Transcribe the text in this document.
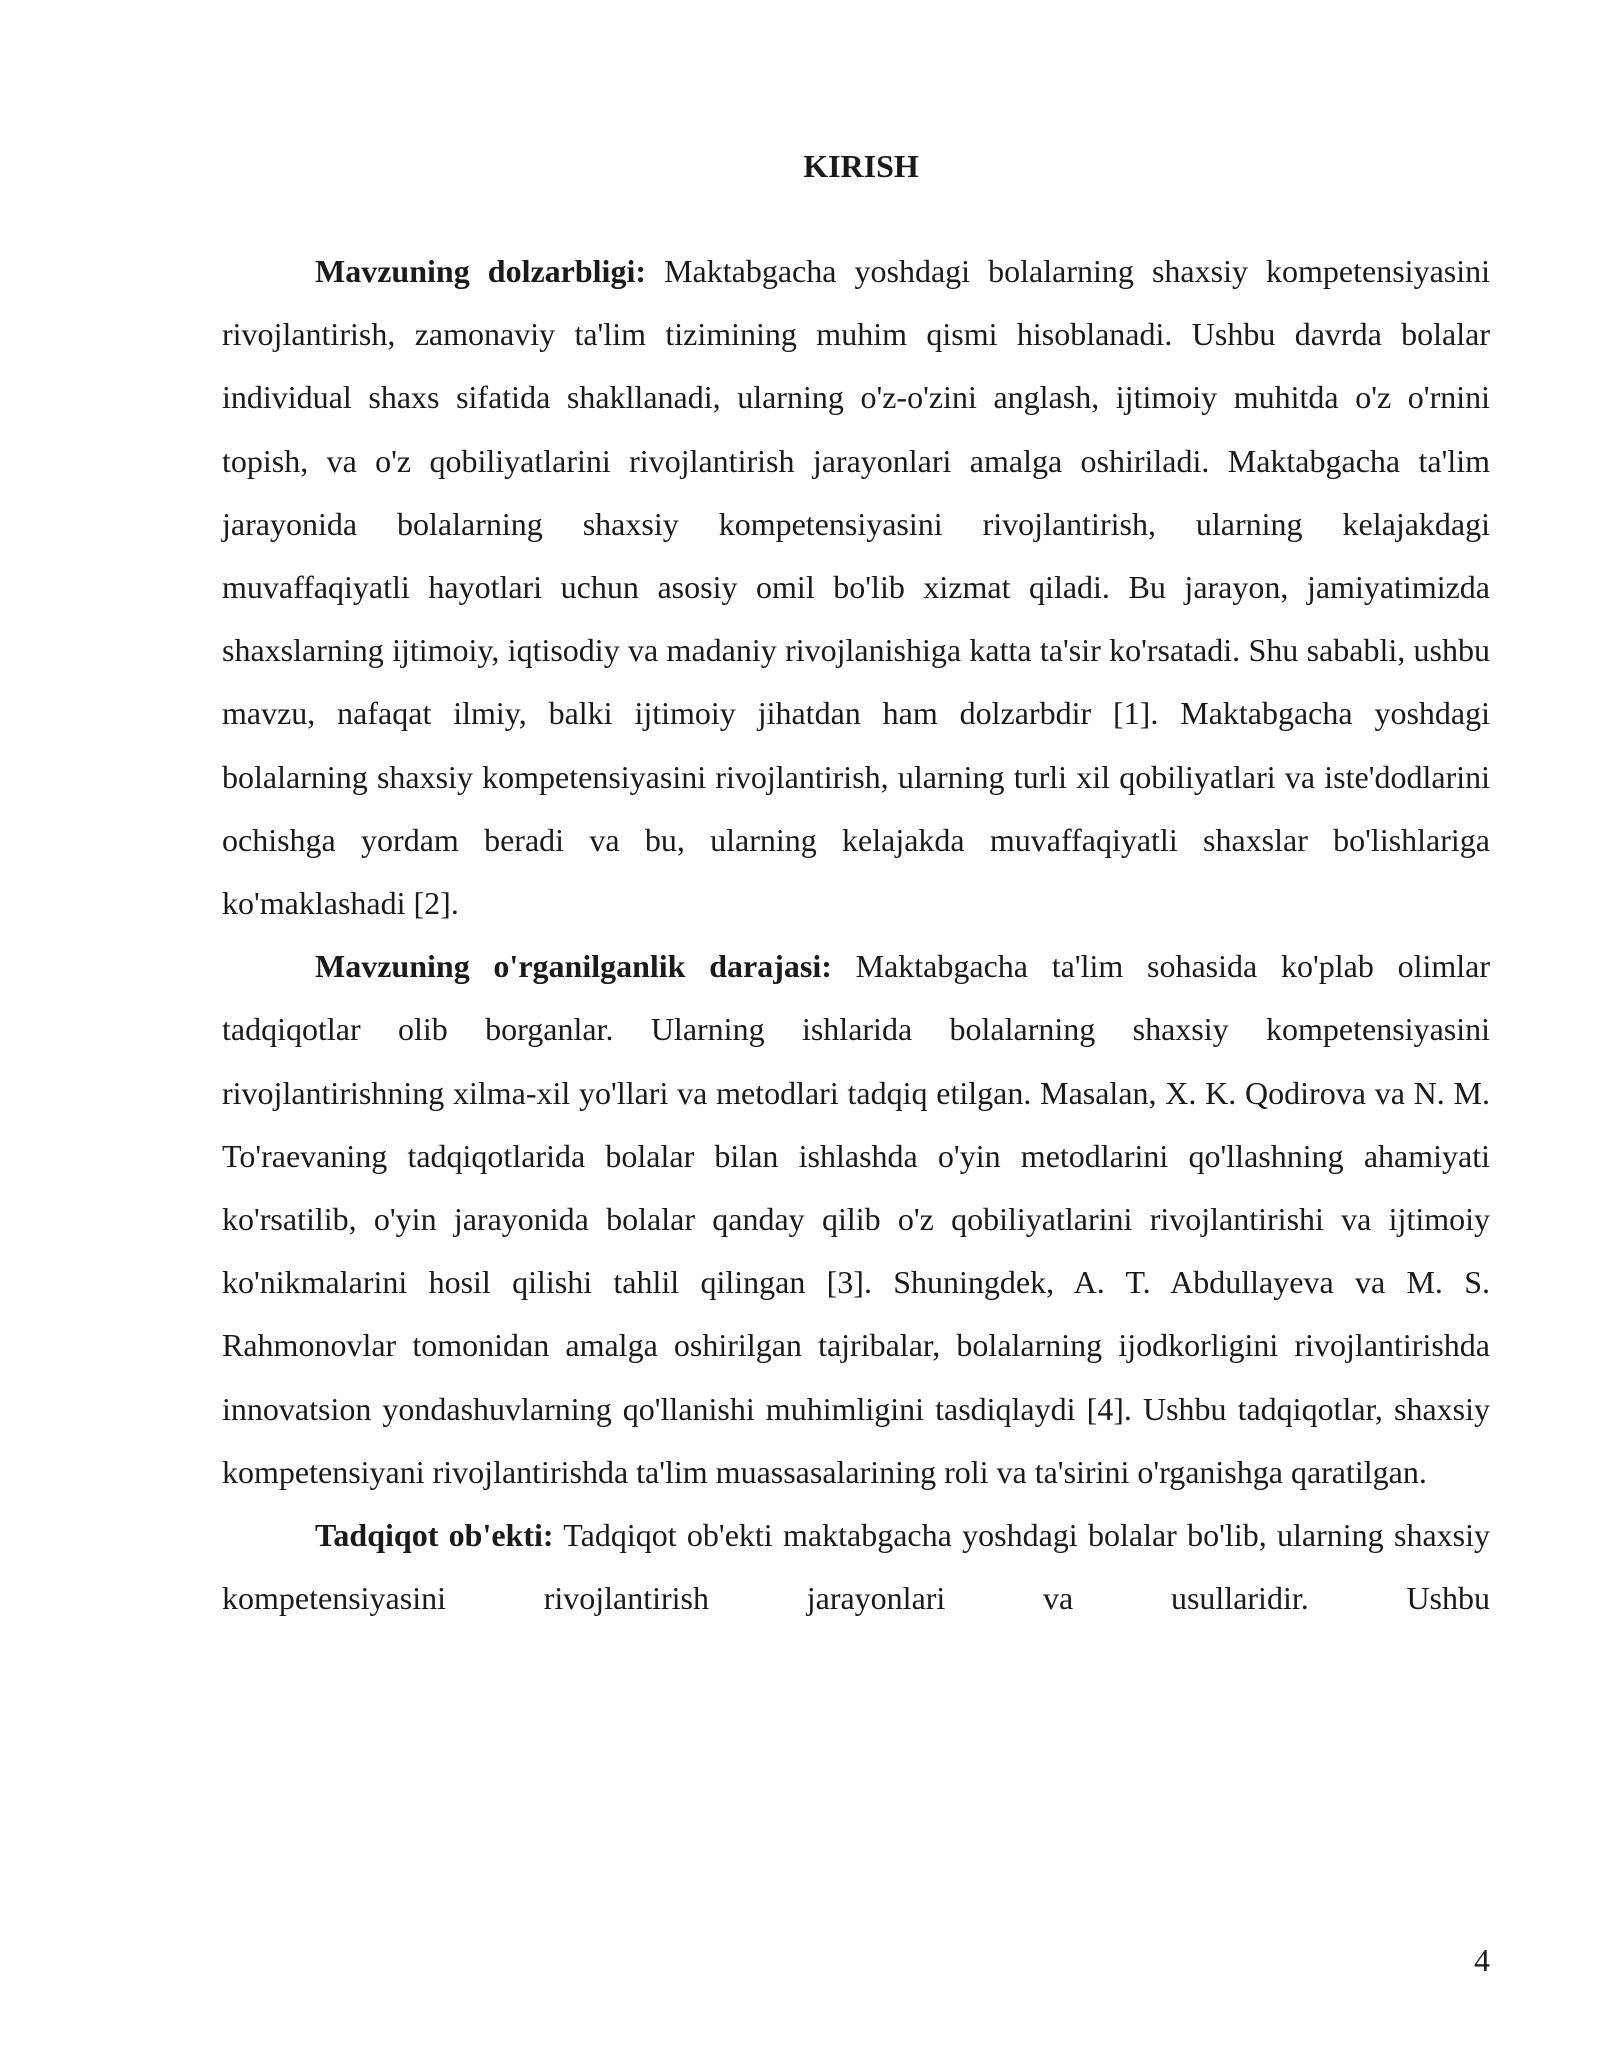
KIRISH

Mavzuning dolzarbligi: Maktabgacha yoshdagi bolalarning shaxsiy kompetensiyasini rivojlantirish, zamonaviy ta'lim tizimining muhim qismi hisoblanadi. Ushbu davrda bolalar individual shaxs sifatida shakllanadi, ularning o'z-o'zini anglash, ijtimoiy muhitda o'z o'rnini topish, va o'z qobiliyatlarini rivojlantirish jarayonlari amalga oshiriladi. Maktabgacha ta'lim jarayonida bolalarning shaxsiy kompetensiyasini rivojlantirish, ularning kelajakdagi muvaffaqiyatli hayotlari uchun asosiy omil bo'lib xizmat qiladi. Bu jarayon, jamiyatimizda shaxslarning ijtimoiy, iqtisodiy va madaniy rivojlanishiga katta ta'sir ko'rsatadi. Shu sababli, ushbu mavzu, nafaqat ilmiy, balki ijtimoiy jihatdan ham dolzarbdir [1]. Maktabgacha yoshdagi bolalarning shaxsiy kompetensiyasini rivojlantirish, ularning turli xil qobiliyatlari va iste'dodlarini ochishga yordam beradi va bu, ularning kelajakda muvaffaqiyatli shaxslar bo'lishlariga ko'maklashadi [2].

Mavzuning o'rganilganlik darajasi: Maktabgacha ta'lim sohasida ko'plab olimlar tadqiqotlar olib borganlar. Ularning ishlarida bolalarning shaxsiy kompetensiyasini rivojlantirishning xilma-xil yo'llari va metodlari tadqiq etilgan. Masalan, X. K. Qodirova va N. M. To'raevaning tadqiqotlarida bolalar bilan ishlashda o'yin metodlarini qo'llashning ahamiyati ko'rsatilib, o'yin jarayonida bolalar qanday qilib o'z qobiliyatlarini rivojlantirishi va ijtimoiy ko'nikmalarini hosil qilishi tahlil qilingan [3]. Shuningdek, A. T. Abdullayeva va M. S. Rahmonovlar tomonidan amalga oshirilgan tajribalar, bolalarning ijodkorligini rivojlantirishda innovatsion yondashuvlarning qo'llanishi muhimligini tasdiqlaydi [4]. Ushbu tadqiqotlar, shaxsiy kompetensiyani rivojlantirishda ta'lim muassasalarining roli va ta'sirini o'rganishga qaratilgan.

Tadqiqot ob'ekti: Tadqiqot ob'ekti maktabgacha yoshdagi bolalar bo'lib, ularning shaxsiy kompetensiyasini rivojlantirish jarayonlari va usullaridir. Ushbu

4
